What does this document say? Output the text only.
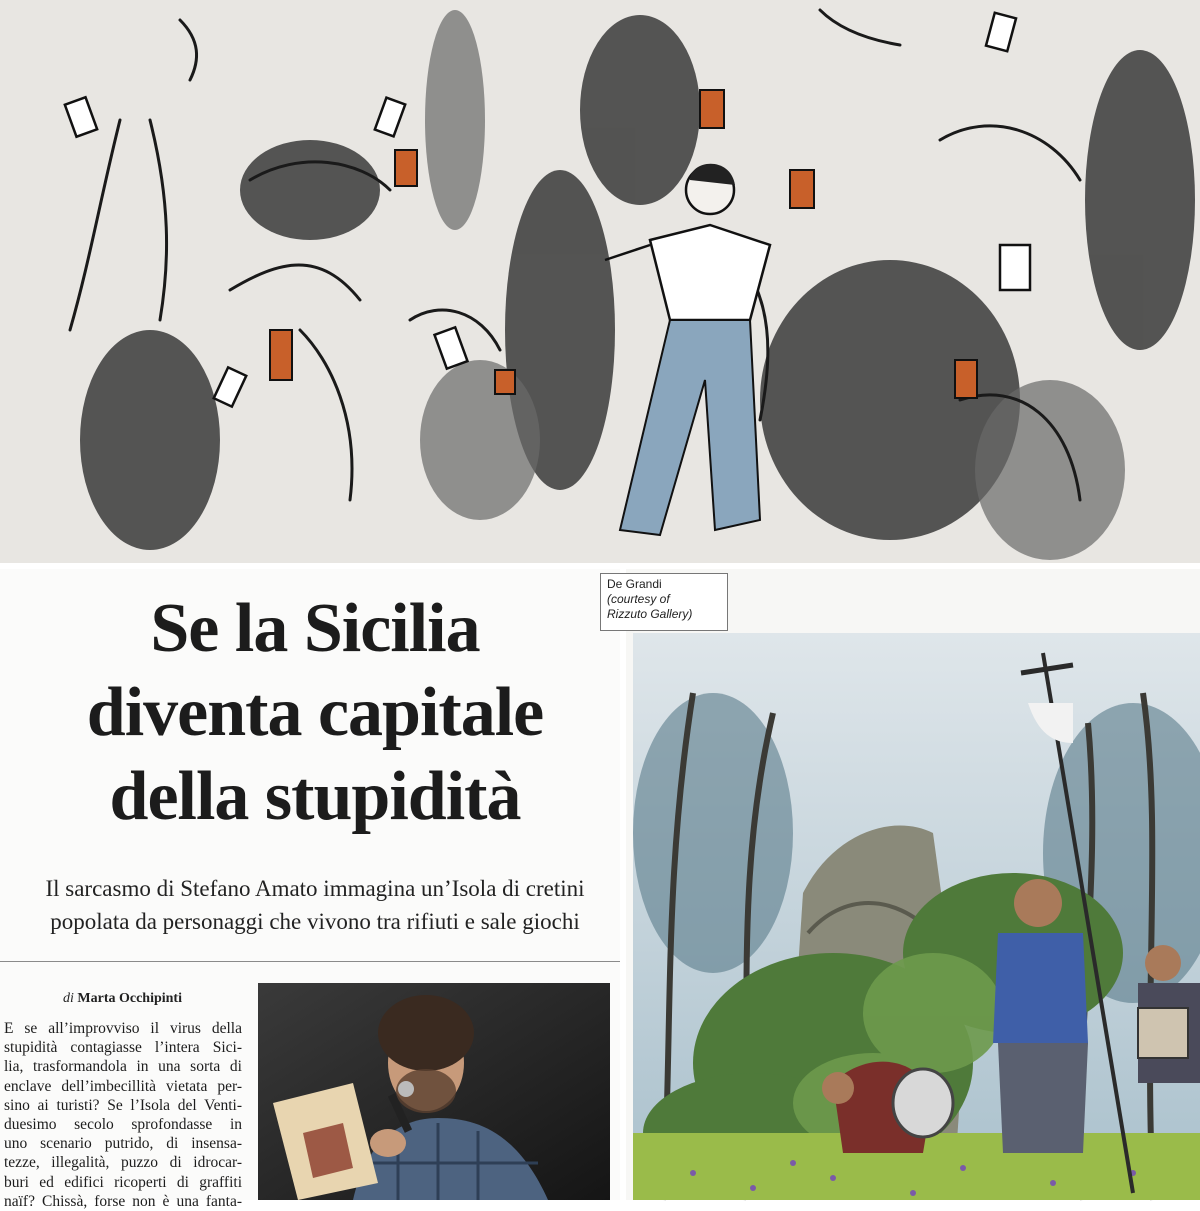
Se la Sicilia
diventa capitale
della stupidità
Il sarcasmo di Stefano Amato immagina un’Isola di cretini
popolata da personaggi che vivono tra rifiuti e sale giochi
di Marta Occhipinti
E se all’improvviso il virus della
stupidità contagiasse l’intera Sici-
lia, trasformandola in una sorta di
enclave dell’imbecillità vietata per-
sino ai turisti? Se l’Isola del Venti-
duesimo secolo sprofondasse in
uno scenario putrido, di insensa-
tezze, illegalità, puzzo di idrocar-
buri ed edifici ricoperti di graffiti
naïf? Chissà, forse non è una fanta-
De Grandi
(courtesy of
Rizzuto Gallery)
